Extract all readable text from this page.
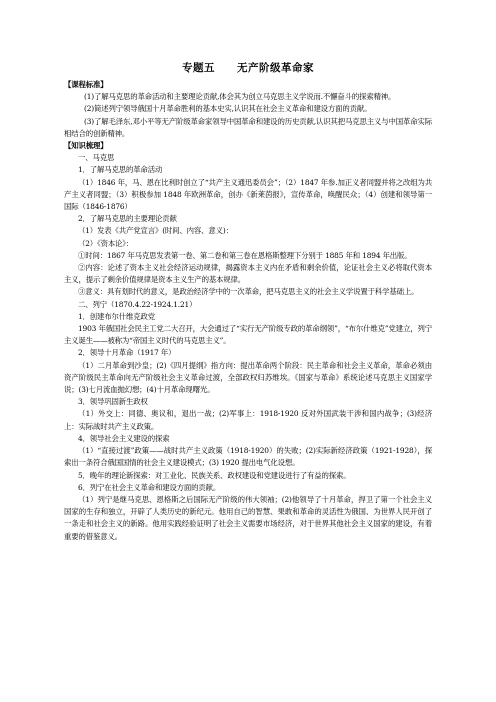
专题五 无产阶级革命家

【课程标准】

(1)了解马克思的革命活动和主要理论贡献,体会其为创立马克思主义学说而.不懈奋斗的探索精神。

(2)简述列宁领导俄国十月革命胜利的基本史实,认识其在社会主义革命和建设方面的贡献。

(3)了解毛泽东,邓小平等无产阶级革命家领导中国革命和建设的历史贡献,认识其把马克思主义与中国革命实际相结合的创新精神。

【知识梳理】

一、马克思

1．了解马克思的革命活动

（1）1846 年，马、恩在比利时创立了“共产主义通迅委员会”；（2）1847 年参.加正义者同盟并将之改组为共产主义者同盟；（3）积极参加 1848 年欧洲革命，创办《新莱茵报》，宣传革命，唤醒民众；（4）创建和领导第一国际（1846-1876）

2．了解马克思的主要理论贡献

（1）发表《共产党宣言》(时间、内容、意义)：

（2）《资本论》：

①时间：1867 年马克思发表第一卷、第二卷和第三卷在恩格斯整理下分别于 1885 年和 1894 年出版。

②内容：论述了资本主义社会经济运动规律，揭露资本主义内在矛盾和剩余价值，论证社会主义必将取代资本主义，提示了剩余价值规律是资本主义生产的基本规律。

③意义：具有划时代的意义，是政治经济学中的一次革命，把马克思主义的社会主义学说置于科学基础上。

二、列宁（1870.4.22-1924.1.21）

1．创建布尔什维克政党

1903 年俄国社会民主工党二大召开，大会通过了“实行无产阶级专政的革命纲领”，“布尔什维克”党建立，列宁主义诞生——被称为“帝国主义时代的马克思主义”。

2．领导十月革命（1917 年）

（1）二月革命到沙皇；(2)《四月提纲》指方向：提出革命两个阶段：民主革命和社会主义革命，革命必须由资产阶级民主革命向无产阶级社会主义革命过渡，全部政权归苏维埃。《国家与革命》系统论述马克思主义国家学说；(3)七月流血抛幻想；(4)十月革命现曙光。

3．领导巩固新生政权

（1）外交上：同德、奥议和，退出一战；(2)军事上：1918-1920 反对外国武装干涉和国内战争；(3)经济上：实际战时共产主义政策。

4．领导社会主义建设的探索

（1）“直接过渡”政策——战时共产主义政策（1918-1920）的失败；(2)实际新经济政策（1921-1928），探索出一条符合俄国国情的社会主义建设模式；(3) 1920 提出电气化设想。

5．晚年的理论新探索：对工业化、民族关系、政权建设和党建设进行了有益的探索。

6．列宁在社会主义革命和建设方面的贡献。

（1）列宁是继马克思、恩格斯之后国际无产阶级的伟大领袖；(2)他领导了十月革命，捍卫了第一个社会主义国家的生存和独立，开辟了人类历史的新纪元。他用自己的智慧、果敢和革命的灵活性为俄国、为世界人民开创了一条走和社会主义的新路。他用实践经验证明了社会主义需要市场经济，对于世界其他社会主义国家的建设，有着重要的借鉴意义。
